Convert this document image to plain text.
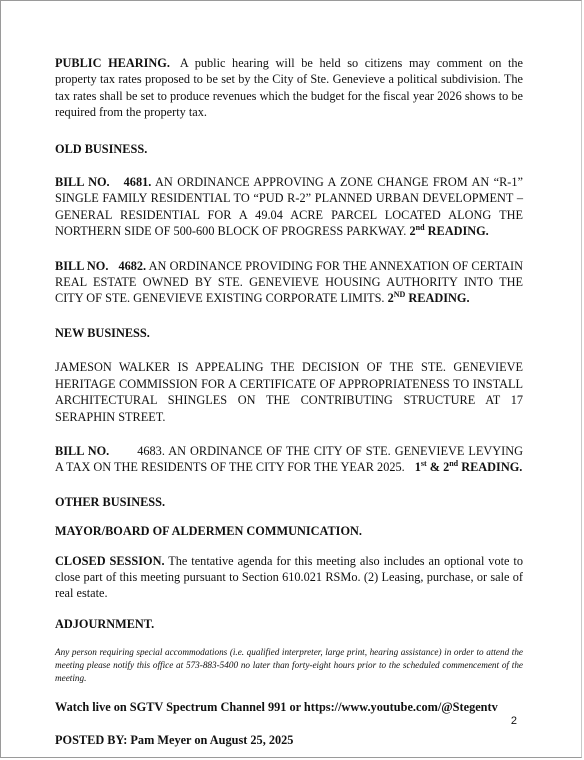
PUBLIC HEARING. A public hearing will be held so citizens may comment on the property tax rates proposed to be set by the City of Ste. Genevieve a political subdivision. The tax rates shall be set to produce revenues which the budget for the fiscal year 2026 shows to be required from the property tax.

OLD BUSINESS.

BILL NO. 4681. AN ORDINANCE APPROVING A ZONE CHANGE FROM AN “R-1” SINGLE FAMILY RESIDENTIAL TO “PUD R-2” PLANNED URBAN DEVELOPMENT – GENERAL RESIDENTIAL FOR A 49.04 ACRE PARCEL LOCATED ALONG THE NORTHERN SIDE OF 500-600 BLOCK OF PROGRESS PARKWAY. 2nd READING.

BILL NO. 4682. AN ORDINANCE PROVIDING FOR THE ANNEXATION OF CERTAIN REAL ESTATE OWNED BY STE. GENEVIEVE HOUSING AUTHORITY INTO THE CITY OF STE. GENEVIEVE EXISTING CORPORATE LIMITS. 2ND READING.

NEW BUSINESS.

JAMESON WALKER IS APPEALING THE DECISION OF THE STE. GENEVIEVE HERITAGE COMMISSION FOR A CERTIFICATE OF APPROPRIATENESS TO INSTALL ARCHITECTURAL SHINGLES ON THE CONTRIBUTING STRUCTURE AT 17 SERAPHIN STREET.

BILL NO. 4683. AN ORDINANCE OF THE CITY OF STE. GENEVIEVE LEVYING A TAX ON THE RESIDENTS OF THE CITY FOR THE YEAR 2025. 1st & 2nd READING.

OTHER BUSINESS.

MAYOR/BOARD OF ALDERMEN COMMUNICATION.

CLOSED SESSION. The tentative agenda for this meeting also includes an optional vote to close part of this meeting pursuant to Section 610.021 RSMo. (2) Leasing, purchase, or sale of real estate.

ADJOURNMENT.

Any person requiring special accommodations (i.e. qualified interpreter, large print, hearing assistance) in order to attend the meeting please notify this office at 573-883-5400 no later than forty-eight hours prior to the scheduled commencement of the meeting.

Watch live on SGTV Spectrum Channel 991 or https://www.youtube.com/@Stegentv

POSTED BY: Pam Meyer on August 25, 2025

2
